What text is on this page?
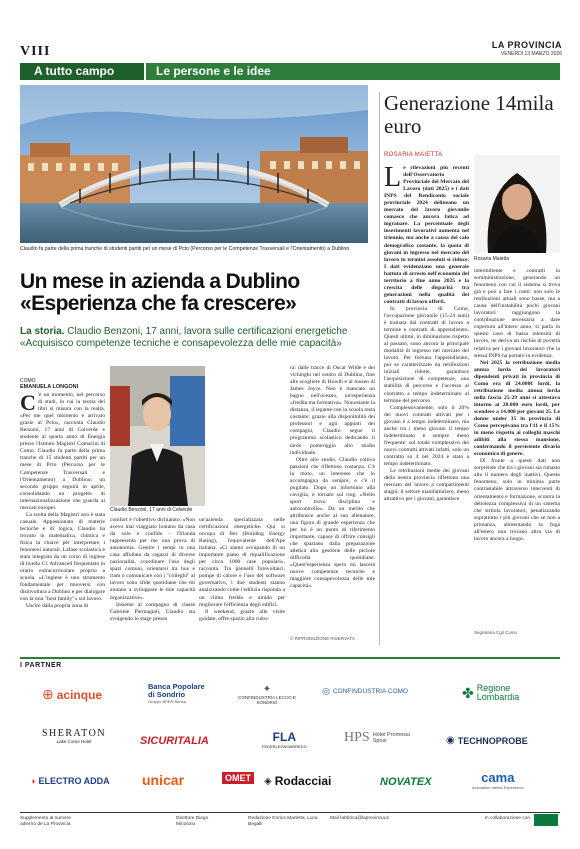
VIII	LA PROVINCIA
VENERDÌ 13 MARZO 2026
A tutto campo	Le persone e le idee
Claudio fa parte della prima tranche di studenti partiti per un mese di Pcto (Percorso per le Competenze Trasversali e l'Orientamento) a Dublino
Un mese in azienda a Dublino «Esperienza che fa crescere»
La storia. Claudio Benzoni, 17 anni, lavora sulle certificazioni energetiche
«Acquisisco competenze tecniche e consapevolezza delle mie capacità»
COMO
EMANUELA LONGONI
C 'è un momento, nel percorso di studi, in cui la teoria dei libri si misura con la realtà. «Per me quel momento è arrivato grazie al Pcto», racconta Claudio Benzoni, 17 anni di Colverde e studente al quarto anno di Energia presso l'Istituto Magistri Comacini di Como. Claudio fa parte della prima tranche di 15 studenti partiti per un mese di Pcto (Percorso per le Competenze Trasversali e l'Orientamento) a Dublino; un secondo gruppo seguirà in aprile, consolidando un progetto di internazionalizzazione che guarda ai mercati europei.

La scelta della Magistri non è stata casuale. Appassionato di materie tecniche e di logica, Claudio ha trovato in matematica, chimica e fisica la chiave per interpretare i fenomeni naturali. Lafase scolastica è stata integrata da un corso di inglese di livello C1 Advanced frequentato in orario extracurricolare proprio a scuola. «L'inglese è uno strumento fondamentale per muoversi con disinvoltura a Dublino e per dialogare con la mia "host family"» sul lavoro.

Uscire dalla propria zona di

Claudio Benzoni, 17 anni di Colverde

comfort è l'obiettivo dichiarato. «Non avevo mai viaggiato lontano da casa da solo e confido - l'Irlanda rappresenta per me una prova di autonomia. Gestire i tempi in una casa affollata da ragazzi di diverse nazionalità, coordinare l'uso degli spazi comuni, orientarsi tra bus e tram o comunicare con i "colleghi" al lavoro sono sfide quotidiane che mi aiutano a sviluppare le mie capacità organizzative».

Insieme al compagno di classe Gabriele Parmagiali, Claudio sta svolgendo lo stage presso

un'azienda specializzata nelle certificazioni energetiche. Qui si occupa di Ber (Building Energy Rating), l'equivalente dell'Ape italiana. «Ci siamo occupando di un importante piano di riqualificazione per circa 1000 case popolari», racconta. Tra pannelli fotovoltaici, pompe di calore e l'uso del software governativo, i due studenti stanno analizzando come l'edilizia risponda a un clima freddo e umido per migliorare l'efficienza degli edifici.

Il weekend, grazie alle visite guidate, offre spazio alla cultu-

ra: dalle tracce di Oscar Wilde e dei vichinghi nel centro di Dublino, fino alle scogliere di Howth e al museo di James Joyce. Non è mancato un bagno nell'oceano, un'esperienza «fredda ma formativa». Nonostante la distanza, il legame con la scuola resta costante: grazie alla disponibilità dei professori e agli appunti dei compagni, Claudio segue il programma scolastico dedicando il tardo pomeriggio allo studio individuale.

Oltre allo studio, Claudio coltiva passioni che riflettono costanza. C'è la moto, un interesse che lo accompagna da sempre, e c'è il pugilato. Dopo un infortunio alla caviglia, è tornato sul ring. «Nello sport trovo disciplina e autocontrollo». Da un merito che attribuisce anche al suo allenatore, una figura di grande esperienza che per lui è un punto di riferimento importante, capace di offrire consigli che spaziano dalla preparazione atletica alla gestione delle piccole difficoltà quotidiane. «Quest'esperienza spero mi lascerà nuove competenze tecniche e maggiore consapevolezza delle mie capacità».

© RIPRODUZIONE RISERVATA
Generazione 14mila euro
ROSARIA MAIETTA
L e rilevazioni più recenti dell'Osservatorio Provinciale del Mercato del Lavoro (dati 2025) e i dati INPS del Rendiconto sociale provinciale 2024 delineano un mercato del lavoro giovanile comasco che ancora fatica ad ingranare. La percentuale degli inserimenti lavorativi aumenta nel triennio, ma anche a causa del calo demografico costante, la quota di giovani in ingresso nel mercato del lavoro in termini assoluti si riduce. I dati evidenziano una generale battuta di arresto nell'economia del territorio a fine anno 2025 e la crescita delle disparità tra generazioni nella qualità dei contratti di lavoro offerti.

In provincia di Como, l'occupazione giovanile (15-24 anni) è trainata dai contratti di lavoro a termine e contratti di apprendistato. Questi ultimi, in diminuzione rispetto al passato, sono ancora la principale modalità di ingresso nel mercato del lavoro. Per fortuna l'apprendistato, pur se caratterizzato da retribuzioni iniziali ridotte, garantisce l'acquisizione di competenze, una stabilità di percorso e l'accesso al contratto a tempo indeterminato al termine del percorso.

Complessivamente, solo il 20% dei nuovi contratti attivati per i giovani è a tempo indeterminato, ma anche tra i meno giovani il tempo indeterminato è sempre meno frequente: sul totale complessivo dei nuovi contratti attivati infatti, solo un contratto su 4 nel 2024 è stato a tempo indeterminato.

Le retribuzioni medie dei giovani della nostra provincia riflettono una mercato del lavoro a compartimenti stagni: il settore manifatturiero, meno attrattivo per i giovani, garantisce

Rosaria Maietta

intermittente e contratti in somministrazione, generando un fenomeno con cui il sistema si trova già e può a fare i conti: non solo le retribuzioni attuali sono basse, ma a causa dell'instabilità pochi giovani lavoratori raggiungono la contribuzione necessaria a dare copertura all'intero anno, si parla in questo caso di bassa intensità di lavoro, ne deriva un rischio di povertà relativa per i giovani lavoratori che la stessa INPS ha portato in evidenza.

Nel 2025 la retribuzione media annua lorda dei lavoratori dipendenti privati in provincia di Como era di 24.000€ lordi, la retribuzione media annua lorda nella fascia 25-29 anni si attestava intorno ai 20.000 euro lordi, per scendere a 14.000 per giovani 25. Le donne under 35 in provincia di Como percepivano tra l'11 e il 15% in meno rispetto ai colleghi maschi adibiti alla stessa mansione, confermando il persistente divario economico di genere.

Di fronte a questi dati non sorprende che tra i giovani sia rimasto alto il numero degli inattivi. Questo fenomeno, solo in minima parte contrastabile attraverso interventi di orientamento e formazione, scontra la debolezza complessiva di un sistema che stritola lavoratori, penalizzando soprattutto i più giovani che se non a primanza, alimentando la fuga all'estero non trovano altra via di lavoro ancora a lungo.

Segretaria Cgil Como
I PARTNER
⊕ acinque
Banca Popolare di Sondrio
Gruppo BPER Banca
✦
CONFINDUSTRIA LECCO E SONDRIO
◎ CONFINDUSTRIA COMO	✤ Regione Lombardia
SHERATON
Lake Como Hotel	SICURITALIA	FLA
FEDERLEGNOARREDO
HPS Hotel Promessi Sposi	◉ TECHNOPROBE
◑ ELECTRO ADDA unicar	OMET	◈ Rodacciai	NOVATEX	cama
Innovation meets Experience
Supplemento al numero odierno de La Provincia
Direttore Diego Minonzio
Redazione Enrico Marletta, Luca Begalli
Mail fabbrica@laprovincia.it	In collaborazione con
